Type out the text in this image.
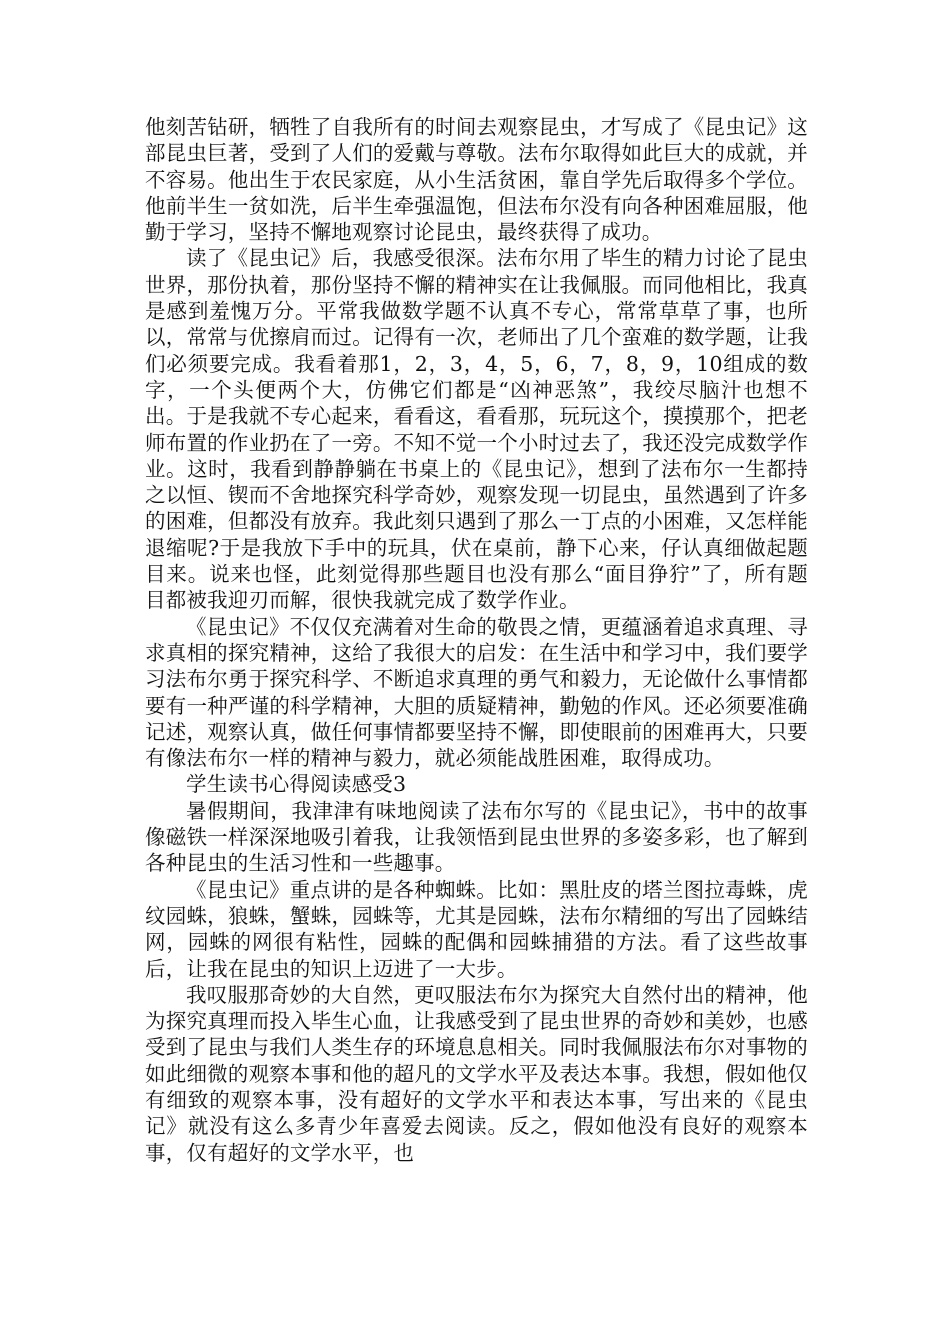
他刻苦钻研，牺牲了自我所有的时间去观察昆虫，才写成了《昆虫记》这部昆虫巨著，受到了人们的爱戴与尊敬。法布尔取得如此巨大的成就，并不容易。他出生于农民家庭，从小生活贫困，靠自学先后取得多个学位。他前半生一贫如洗，后半生牵强温饱，但法布尔没有向各种困难屈服，他勤于学习，坚持不懈地观察讨论昆虫，最终获得了成功。

读了《昆虫记》后，我感受很深。法布尔用了毕生的精力讨论了昆虫世界，那份执着，那份坚持不懈的精神实在让我佩服。而同他相比，我真是感到羞愧万分。平常我做数学题不认真不专心，常常草草了事，也所以，常常与优擦肩而过。记得有一次，老师出了几个蛮难的数学题，让我们必须要完成。我看着那1，2，3，4，5，6，7，8，9，10组成的数字，一个头便两个大，仿佛它们都是“凶神恶煞”，我绞尽脑汁也想不出。于是我就不专心起来，看看这，看看那，玩玩这个，摸摸那个，把老师布置的作业扔在了一旁。不知不觉一个小时过去了，我还没完成数学作业。这时，我看到静静躺在书桌上的《昆虫记》，想到了法布尔一生都持之以恒、锲而不舍地探究科学奇妙，观察发现一切昆虫，虽然遇到了许多的困难，但都没有放弃。我此刻只遇到了那么一丁点的小困难，又怎样能退缩呢?于是我放下手中的玩具，伏在桌前，静下心来，仔认真细做起题目来。说来也怪，此刻觉得那些题目也没有那么“面目狰狞”了，所有题目都被我迎刃而解，很快我就完成了数学作业。

《昆虫记》不仅仅充满着对生命的敬畏之情，更蕴涵着追求真理、寻求真相的探究精神，这给了我很大的启发：在生活中和学习中，我们要学习法布尔勇于探究科学、不断追求真理的勇气和毅力，无论做什么事情都要有一种严谨的科学精神，大胆的质疑精神，勤勉的作风。还必须要准确记述，观察认真，做任何事情都要坚持不懈，即使眼前的困难再大，只要有像法布尔一样的精神与毅力，就必须能战胜困难，取得成功。

学生读书心得阅读感受3

暑假期间，我津津有味地阅读了法布尔写的《昆虫记》，书中的故事像磁铁一样深深地吸引着我，让我领悟到昆虫世界的多姿多彩，也了解到各种昆虫的生活习性和一些趣事。

《昆虫记》重点讲的是各种蜘蛛。比如：黑肚皮的塔兰图拉毒蛛，虎纹园蛛，狼蛛，蟹蛛，园蛛等，尤其是园蛛，法布尔精细的写出了园蛛结网，园蛛的网很有粘性，园蛛的配偶和园蛛捕猎的方法。看了这些故事后，让我在昆虫的知识上迈进了一大步。

我叹服那奇妙的大自然，更叹服法布尔为探究大自然付出的精神，他为探究真理而投入毕生心血，让我感受到了昆虫世界的奇妙和美妙，也感受到了昆虫与我们人类生存的环境息息相关。同时我佩服法布尔对事物的如此细微的观察本事和他的超凡的文学水平及表达本事。我想，假如他仅有细致的观察本事，没有超好的文学水平和表达本事，写出来的《昆虫记》就没有这么多青少年喜爱去阅读。反之，假如他没有良好的观察本事，仅有超好的文学水平，也
